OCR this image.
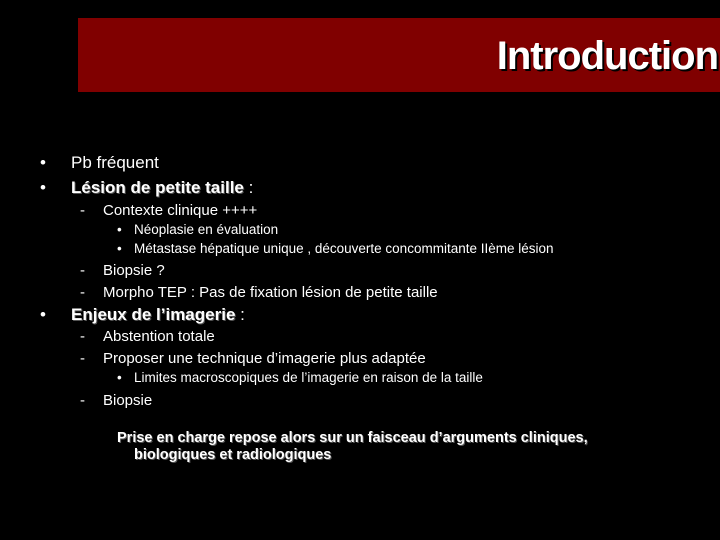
Introduction
• Pb fréquent
• Lésion de petite taille :
- Contexte clinique ++++
• Néoplasie en évaluation
• Métastase hépatique unique , découverte concommitante IIème lésion
- Biopsie ?
- Morpho TEP : Pas de fixation lésion de petite taille
• Enjeux de l’imagerie :
- Abstention totale
- Proposer une technique d’imagerie plus adaptée
• Limites macroscopiques de l’imagerie en raison de la taille
- Biopsie
Prise en charge repose alors sur un faisceau d’arguments cliniques,
biologiques et radiologiques
